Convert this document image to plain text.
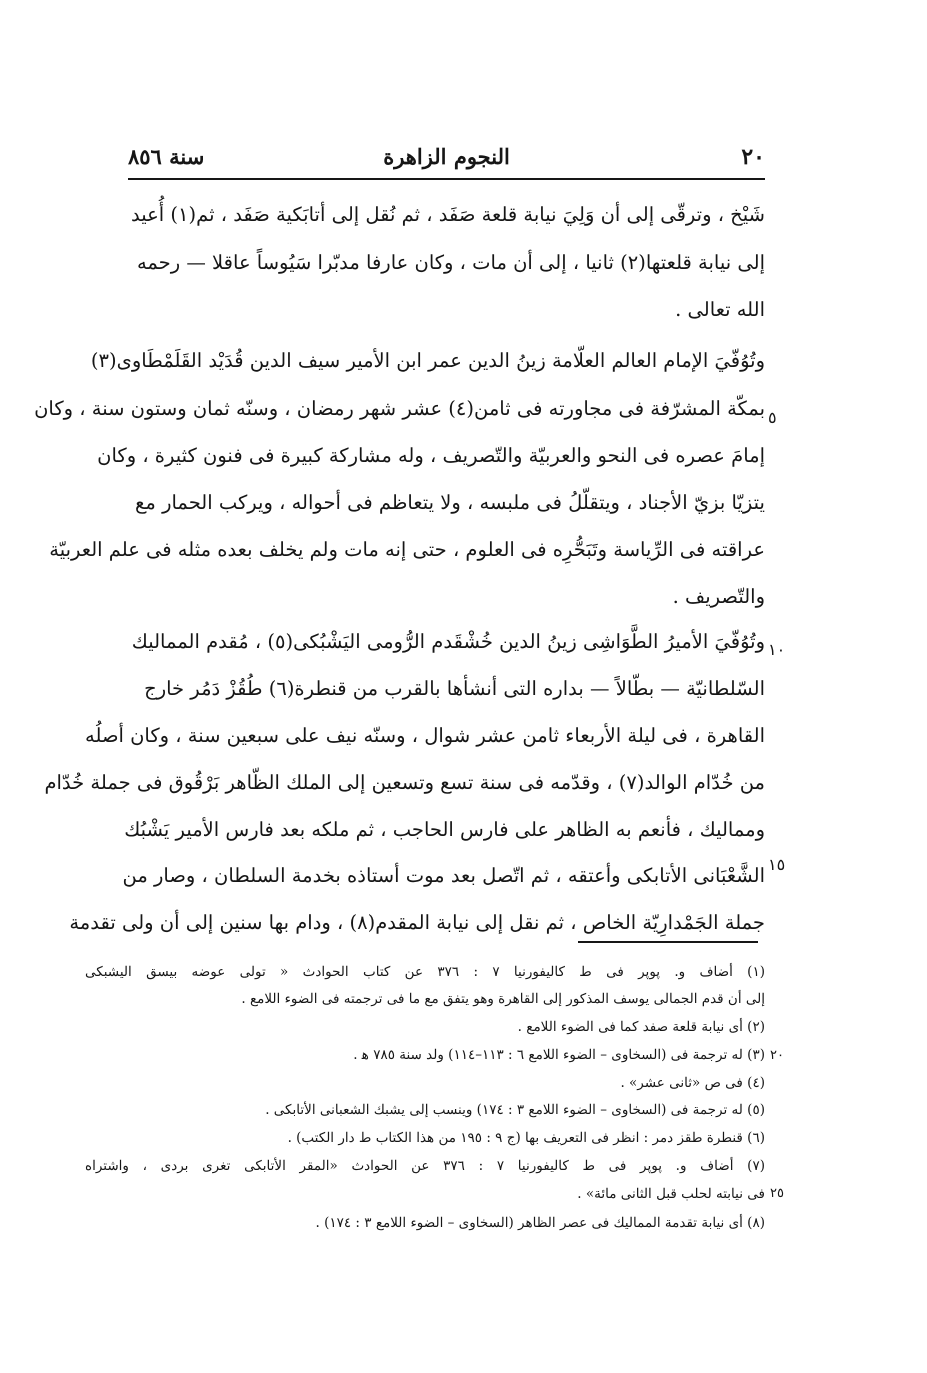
٢٠
النجوم الزاهرة
سنة ٨٥٦
شَيْخ ، وترقّى إلى أن وَلِيَ نيابة قلعة صَفَد ، ثم نُقل إلى أتابَكية صَفَد ، ثم(١) أُعيد
إلى نيابة قلعتها(٢) ثانيا ، إلى أن مات ، وكان عارفا مدبّرا سَيُوساً عاقلا — رحمه
الله تعالى .
وتُوُفّيَ الإمام العالم العلّامة زينُ الدين عمر ابن الأمير سيف الدين قُدَيْد القَلَمْطَاوى(٣)
بمكّة المشرّفة فى مجاورته فى ثامن(٤) عشر شهر رمضان ، وسنّه ثمان وستون سنة ، وكان
إمامَ عصره فى النحو والعربيّة والتّصريف ، وله مشاركة كبيرة فى فنون كثيرة ، وكان
يتزيّا بزيّ الأجناد ، ويتقلّلُ فى ملبسه ، ولا يتعاظم فى أحواله ، ويركب الحمار مع
عراقته فى الرِّياسة وتَبَحُّرِه فى العلوم ، حتى إنه مات ولم يخلف بعده مثله فى علم العربيّة
والتّصريف .
وتُوُفّيَ الأميرُ الطَّوَاشِى زينُ الدين خُشْقَدم الرُّومى اليَشْبُكى(٥) ، مُقدم المماليك
السّلطانيّة — بطّالاً — بداره التى أنشأها بالقرب من قنطرة(٦) طُقُزْ دَمُر خارج
القاهرة ، فى ليلة الأربعاء ثامن عشر شوال ، وسنّه نيف على سبعين سنة ، وكان أصلُه
من خُدّام الوالد(٧) ، وقدّمه فى سنة تسع وتسعين إلى الملك الظّاهر بَرْقُوق فى جملة خُدّام
ومماليك ، فأنعم به الظاهر على فارس الحاجب ، ثم ملكه بعد فارس الأمير يَشْبُك
الشَّعْبَانى الأتابكى وأعتقه ، ثم اتّصل بعد موت أستاذه بخدمة السلطان ، وصار من
جملة الجَمْدارِيّة الخاص ، ثم نقل إلى نيابة المقدم(٨) ، ودام بها سنين إلى أن ولى تقدمة
٥
١٠
١٥
(١) أضاف و. پوپر فى ط كاليفورنيا ٧ : ٣٧٦ عن كتاب الحوادث « تولى عوضه بيسق اليشبكى
إلى أن قدم الجمالى يوسف المذكور إلى القاهرة وهو يتفق مع ما فى ترجمته فى الضوء اللامع .
(٢) أى نيابة قلعة صفد كما فى الضوء اللامع .
(٣) له ترجمة فى (السخاوى – الضوء اللامع ٦ : ١١٣–١١٤) ولد سنة ٧٨٥ ﻫ .
(٤) فى ص «ثانى عشر» .
(٥) له ترجمة فى (السخاوى – الضوء اللامع ٣ : ١٧٤) وينسب إلى يشبك الشعبانى الأتابكى .
(٦) قنطرة طقز دمر : انظر فى التعريف بها (ج ٩ : ١٩٥ من هذا الكتاب ط دار الكتب) .
(٧) أضاف و. پوپر فى ط كاليفورنيا ٧ : ٣٧٦ عن الحوادث «المقر الأتابكى تغرى بردى ، واشتراه
فى نيابته لحلب قبل الثانى مائة» .
(٨) أى نيابة تقدمة المماليك فى عصر الظاهر (السخاوى – الضوء اللامع ٣ : ١٧٤) .
٢٠
٢٥
